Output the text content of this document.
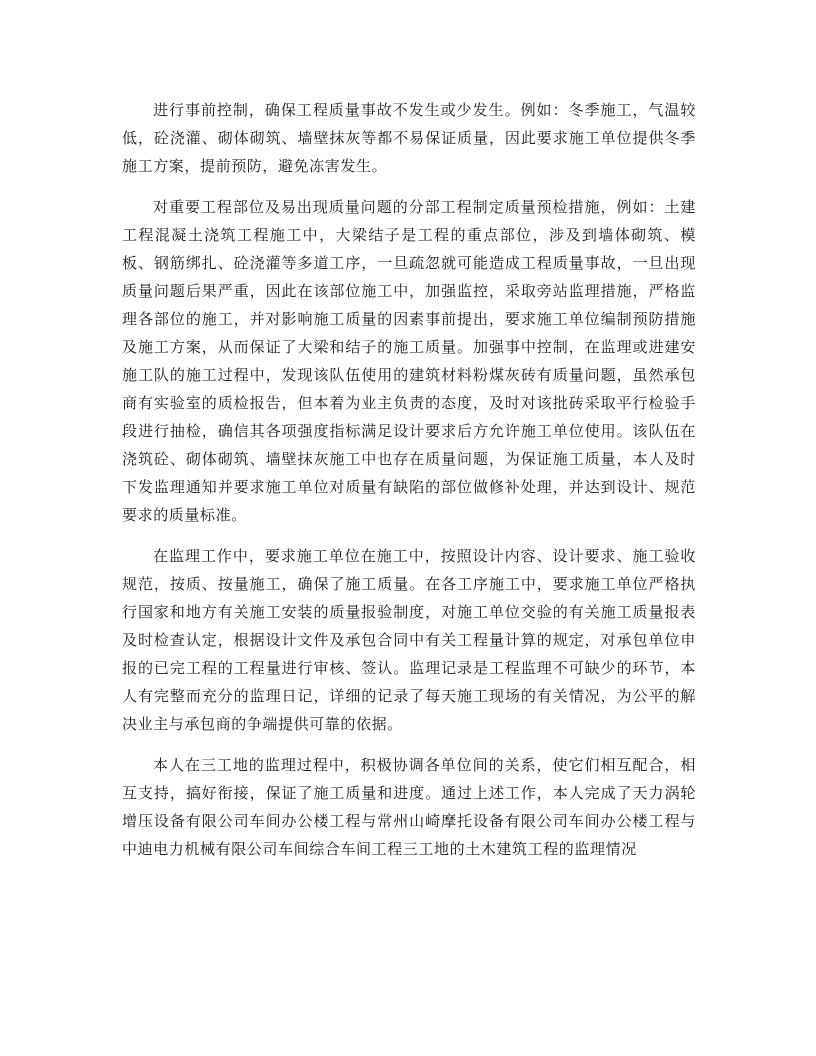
进行事前控制，确保工程质量事故不发生或少发生。例如：冬季施工，气温较低，砼浇灌、砌体砌筑、墙壁抹灰等都不易保证质量，因此要求施工单位提供冬季施工方案，提前预防，避免冻害发生。

对重要工程部位及易出现质量问题的分部工程制定质量预检措施，例如：土建工程混凝土浇筑工程施工中，大梁结子是工程的重点部位，涉及到墙体砌筑、模板、钢筋绑扎、砼浇灌等多道工序，一旦疏忽就可能造成工程质量事故，一旦出现质量问题后果严重，因此在该部位施工中，加强监控，采取旁站监理措施，严格监理各部位的施工，并对影响施工质量的因素事前提出，要求施工单位编制预防措施及施工方案，从而保证了大梁和结子的施工质量。加强事中控制，在监理或进建安施工队的施工过程中，发现该队伍使用的建筑材料粉煤灰砖有质量问题，虽然承包商有实验室的质检报告，但本着为业主负责的态度，及时对该批砖采取平行检验手段进行抽检，确信其各项强度指标满足设计要求后方允许施工单位使用。该队伍在浇筑砼、砌体砌筑、墙壁抹灰施工中也存在质量问题，为保证施工质量，本人及时下发监理通知并要求施工单位对质量有缺陷的部位做修补处理，并达到设计、规范要求的质量标准。

在监理工作中，要求施工单位在施工中，按照设计内容、设计要求、施工验收规范，按质、按量施工，确保了施工质量。在各工序施工中，要求施工单位严格执行国家和地方有关施工安装的质量报验制度，对施工单位交验的有关施工质量报表及时检查认定，根据设计文件及承包合同中有关工程量计算的规定，对承包单位申报的已完工程的工程量进行审核、签认。监理记录是工程监理不可缺少的环节，本人有完整而充分的监理日记，详细的记录了每天施工现场的有关情况，为公平的解决业主与承包商的争端提供可靠的依据。

本人在三工地的监理过程中，积极协调各单位间的关系，使它们相互配合，相互支持，搞好衔接，保证了施工质量和进度。通过上述工作，本人完成了天力涡轮增压设备有限公司车间办公楼工程与常州山崎摩托设备有限公司车间办公楼工程与中迪电力机械有限公司车间综合车间工程三工地的土木建筑工程的监理情况
